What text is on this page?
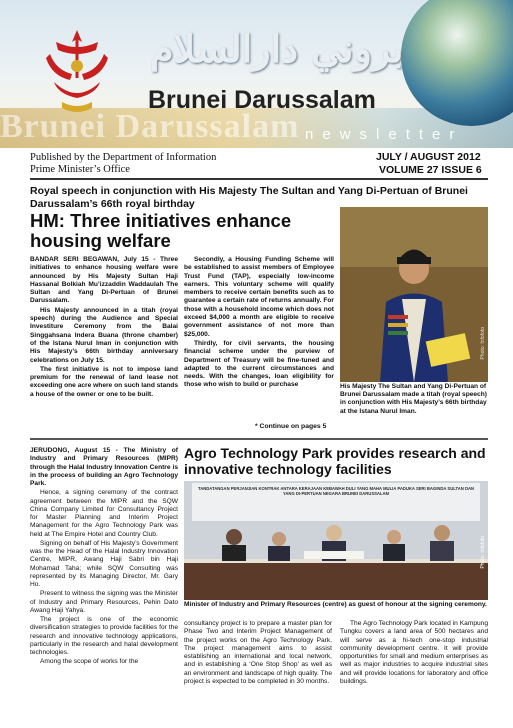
بروني دارالسلام
Brunei Darussalam
Brunei Darussalam
newsletter
Published by the Department of Information
Prime Minister’s Office
JULY / AUGUST 2012
VOLUME 27 ISSUE 6
Royal speech in conjunction with His Majesty The Sultan and Yang Di-Pertuan of Brunei Darussalam’s 66th royal birthday
HM: Three initiatives enhance housing welfare

BANDAR SERI BEGAWAN, July 15 - Three initiatives to enhance housing welfare were announced by His Majesty Sultan Haji Hassanal Bolkiah Mu’izzaddin Waddaulah The Sultan and Yang Di-Pertuan of Brunei Darussalam.

His Majesty announced in a titah (royal speech) during the Audience and Special Investiture Ceremony from the Balai Singgahsana Indera Buana (throne chamber) of the Istana Nurul Iman in conjunction with His Majesty’s 66th birthday anniversary celebrations on July 15.

The first initiative is not to impose land premium for the renewal of land lease not exceeding one acre where on such land stands a house of the owner or one to be built.

Secondly, a Housing Funding Scheme will be established to assist members of Employee Trust Fund (TAP), especially low-income earners. This voluntary scheme will qualify members to receive certain benefits such as to guarantee a certain rate of returns annually. For those with a household income which does not exceed $4,000 a month are eligible to receive government assistance of not more than $25,000.

Thirdly, for civil servants, the housing financial scheme under the purview of Department of Treasury will be fine-tuned and adapted to the current circumstances and needs. With the changes, loan eligibility for those who wish to build or purchase

Photo: Infofoto
His Majesty The Sultan and Yang Di-Pertuan of Brunei Darussalam made a titah (royal speech) in conjunction with His Majesty’s 66th birthday at the Istana Nurul Iman.
* Continue on pages 5

JERUDONG, August 15 - The Ministry of Industry and Primary Resources (MIPR) through the Halal Industry Innovation Centre is in the process of building an Agro Technology Park.

Hence, a signing ceremony of the contract agreement between the MIPR and the SQW China Company Limited for Consultancy Project for Master Planning and Interim Project Management for the Agro Technology Park was held at The Empire Hotel and Country Club.

Signing on behalf of His Majesty’s Government was the the Head of the Halal Industry Innovation Centre, MIPR, Awang Haji Sabri bin Haji Mohamad Taha; while SQW Consulting was represented by its Managing Director, Mr. Gary Ho.

Present to witness the signing was the Minister of Industry and Primary Resources, Pehin Dato Awang Haji Yahya.

The project is one of the economic diversification strategies to provide facilities for the research and innovative technology applications, particularly in the research and halal development technologies.

Among the scope of works for the

Agro Technology Park provides research and innovative technology facilities
TANDATANGAN PERJANJIAN KONTRAK ANTARA KERAJAAN KEBAWAH DULI YANG MAHA MULIA PADUKA SERI BAGINDA SULTAN DAN YANG DI-PERTUAN NEGARA BRUNEI DARUSSALAM
Photo: Infofoto
Minister of Industry and Primary Resources (centre) as guest of honour at the signing ceremony.

consultancy project is to prepare a master plan for Phase Two and Interim Project Management of the project works on the Agro Technology Park. The project management aims to assist establishing an international and local network, and in establishing a ‘One Stop Shop’ as well as an environment and landscape of high quality. The project is expected to be completed in 30 months.

The Agro Technology Park located in Kampung Tungku covers a land area of 500 hectares and will serve as a hi-tech one-stop industrial community development centre. It will provide opportunities for small and medium enterprises as well as major industries to acquire industrial sites and will provide locations for laboratory and office buildings.
